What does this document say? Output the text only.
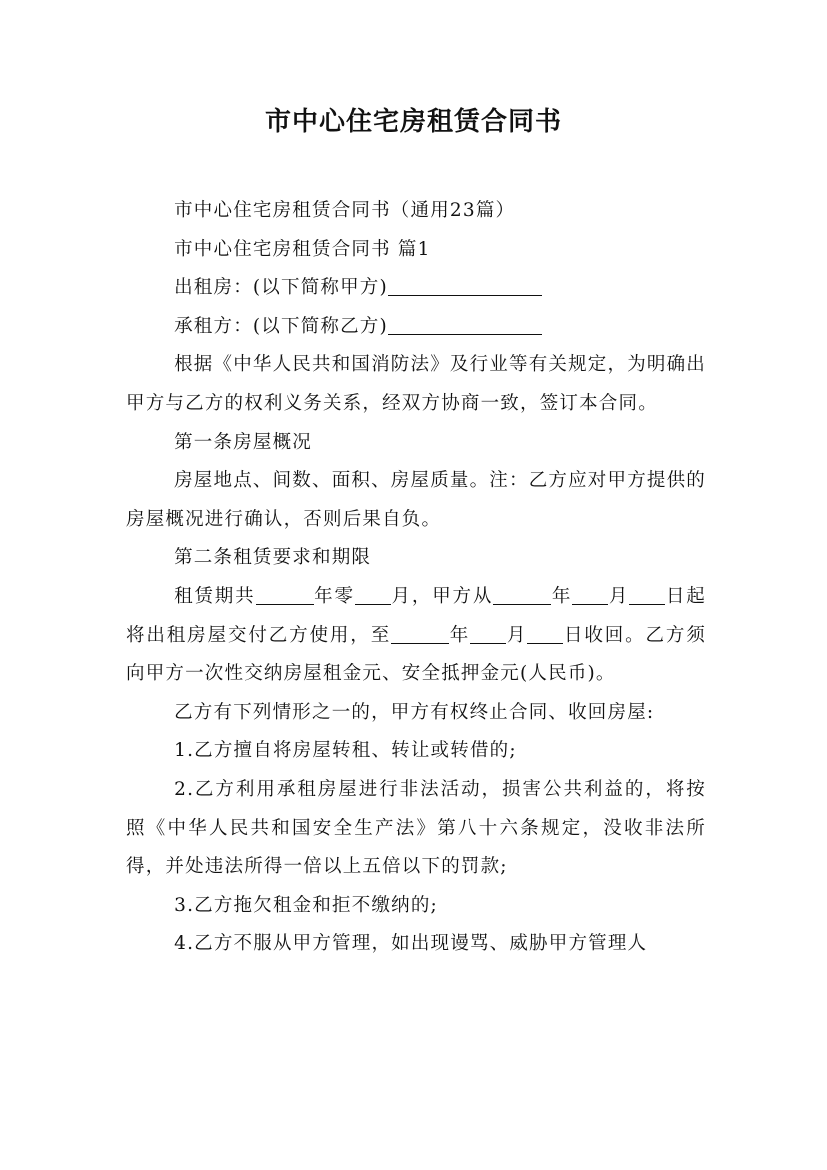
市中心住宅房租赁合同书

市中心住宅房租赁合同书（通用23篇）

市中心住宅房租赁合同书 篇1

出租房：(以下简称甲方)

承租方：(以下简称乙方)

根据《中华人民共和国消防法》及行业等有关规定，为明确出甲方与乙方的权利义务关系，经双方协商一致，签订本合同。

第一条房屋概况

房屋地点、间数、面积、房屋质量。注：乙方应对甲方提供的房屋概况进行确认，否则后果自负。

第二条租赁要求和期限

租赁期共	年零 月，甲方从	年 月 日起将出租房屋交付乙方使用，至	年 月 日收回。乙方须向甲方一次性交纳房屋租金元、安全抵押金元(人民币)。

乙方有下列情形之一的，甲方有权终止合同、收回房屋:

1.乙方擅自将房屋转租、转让或转借的;

2.乙方利用承租房屋进行非法活动，损害公共利益的，将按照《中华人民共和国安全生产法》第八十六条规定，没收非法所得，并处违法所得一倍以上五倍以下的罚款;

3.乙方拖欠租金和拒不缴纳的;

4.乙方不服从甲方管理，如出现谩骂、威胁甲方管理人
